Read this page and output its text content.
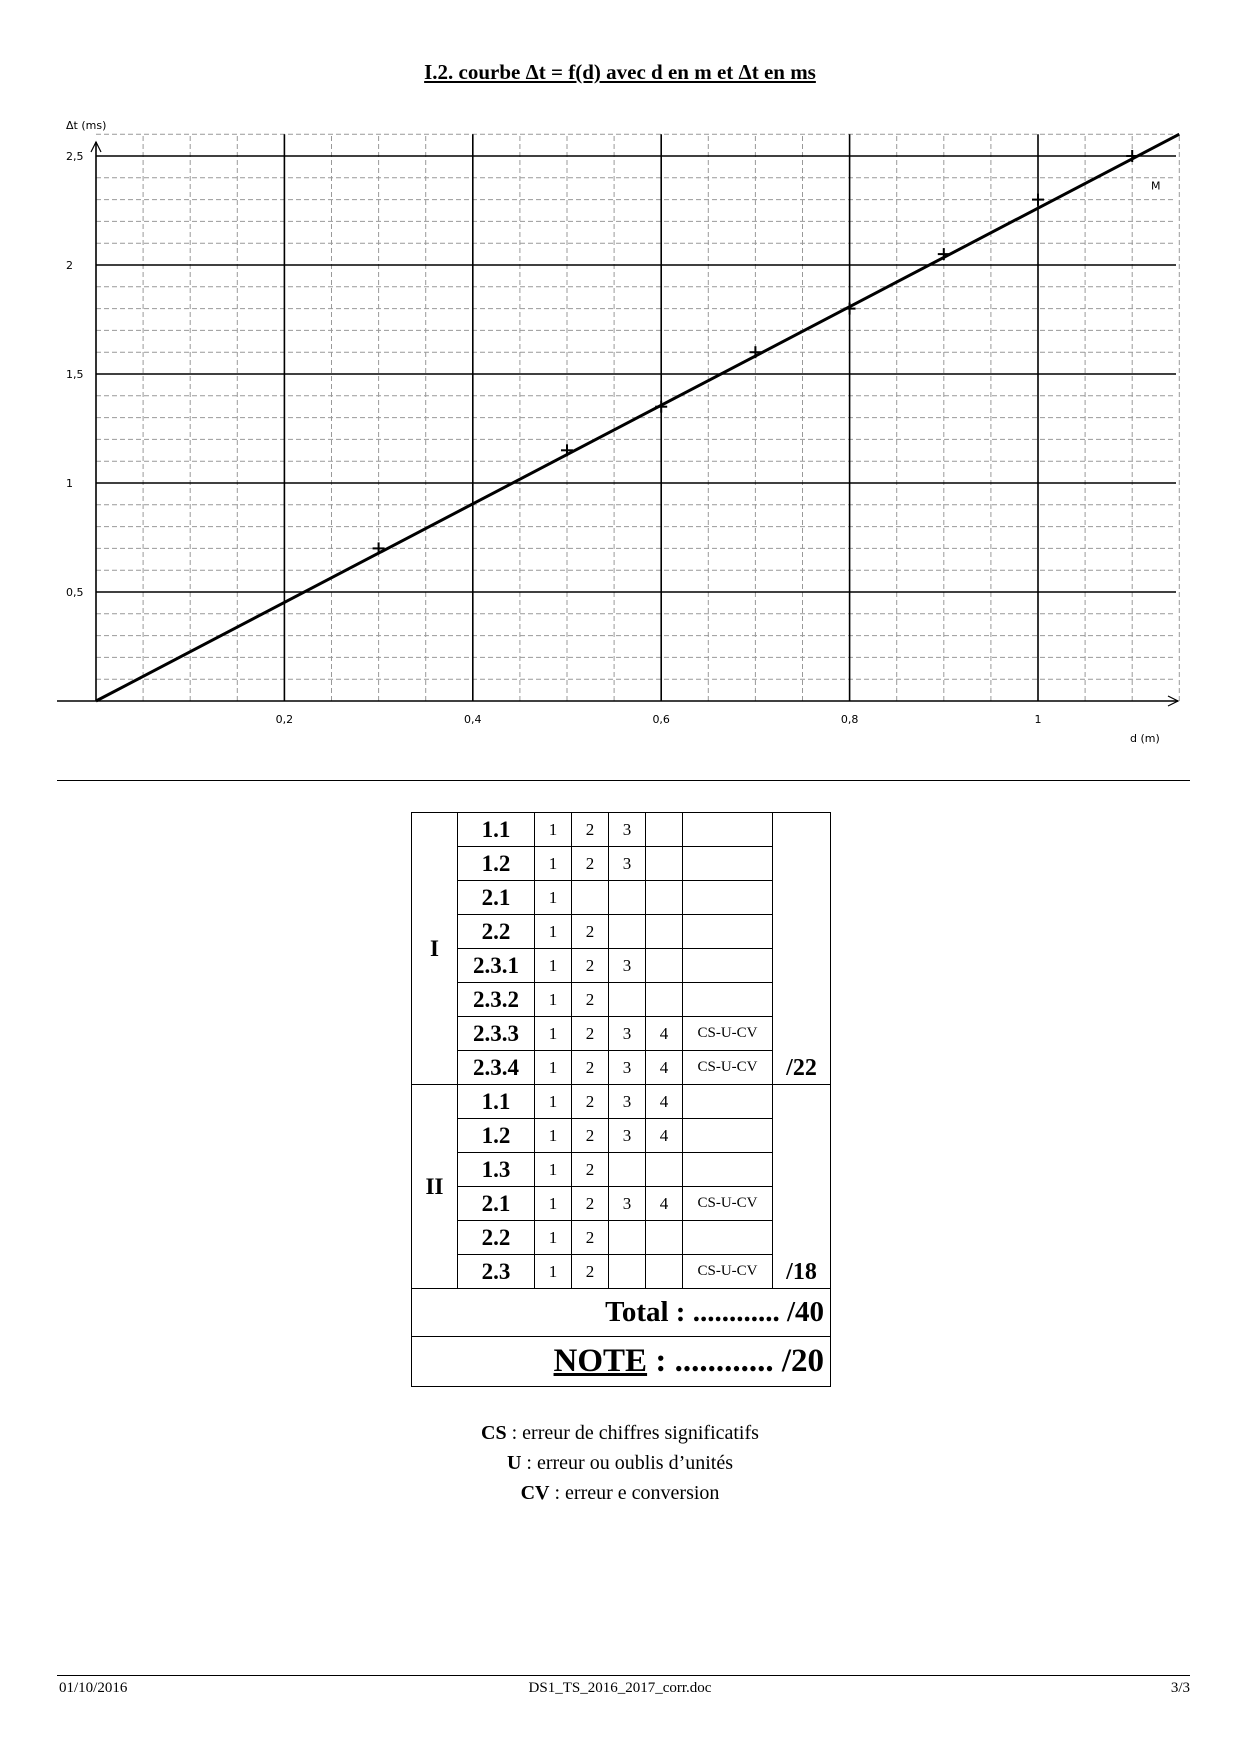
I.2. courbe Δt = f(d) avec d en m et Δt en ms
0,2	0,4	0,6	0,8	1
0,5
1
1,5
2
2,5
M
Δt (ms)
d (m)
I	1.1	1	2	3			/22
	1.2	1	2	3			
	2.1	1					
	2.2	1	2				
	2.3.1	1	2	3			
	2.3.2	1	2				
	2.3.3	1	2	3	4	CS-U-CV	
	2.3.4	1	2	3	4	CS-U-CV	
II	1.1	1	2	3	4		/18
	1.2	1	2	3	4		
	1.3	1	2				
	2.1	1	2	3	4	CS-U-CV	
	2.2	1	2				
	2.3	1	2			CS-U-CV	
Total : ............ /40							
NOTE : ............ /20							
CS : erreur de chiffres significatifs
U : erreur ou oublis d’unités
CV : erreur e conversion
01/10/2016	DS1_TS_2016_2017_corr.doc	3/3
